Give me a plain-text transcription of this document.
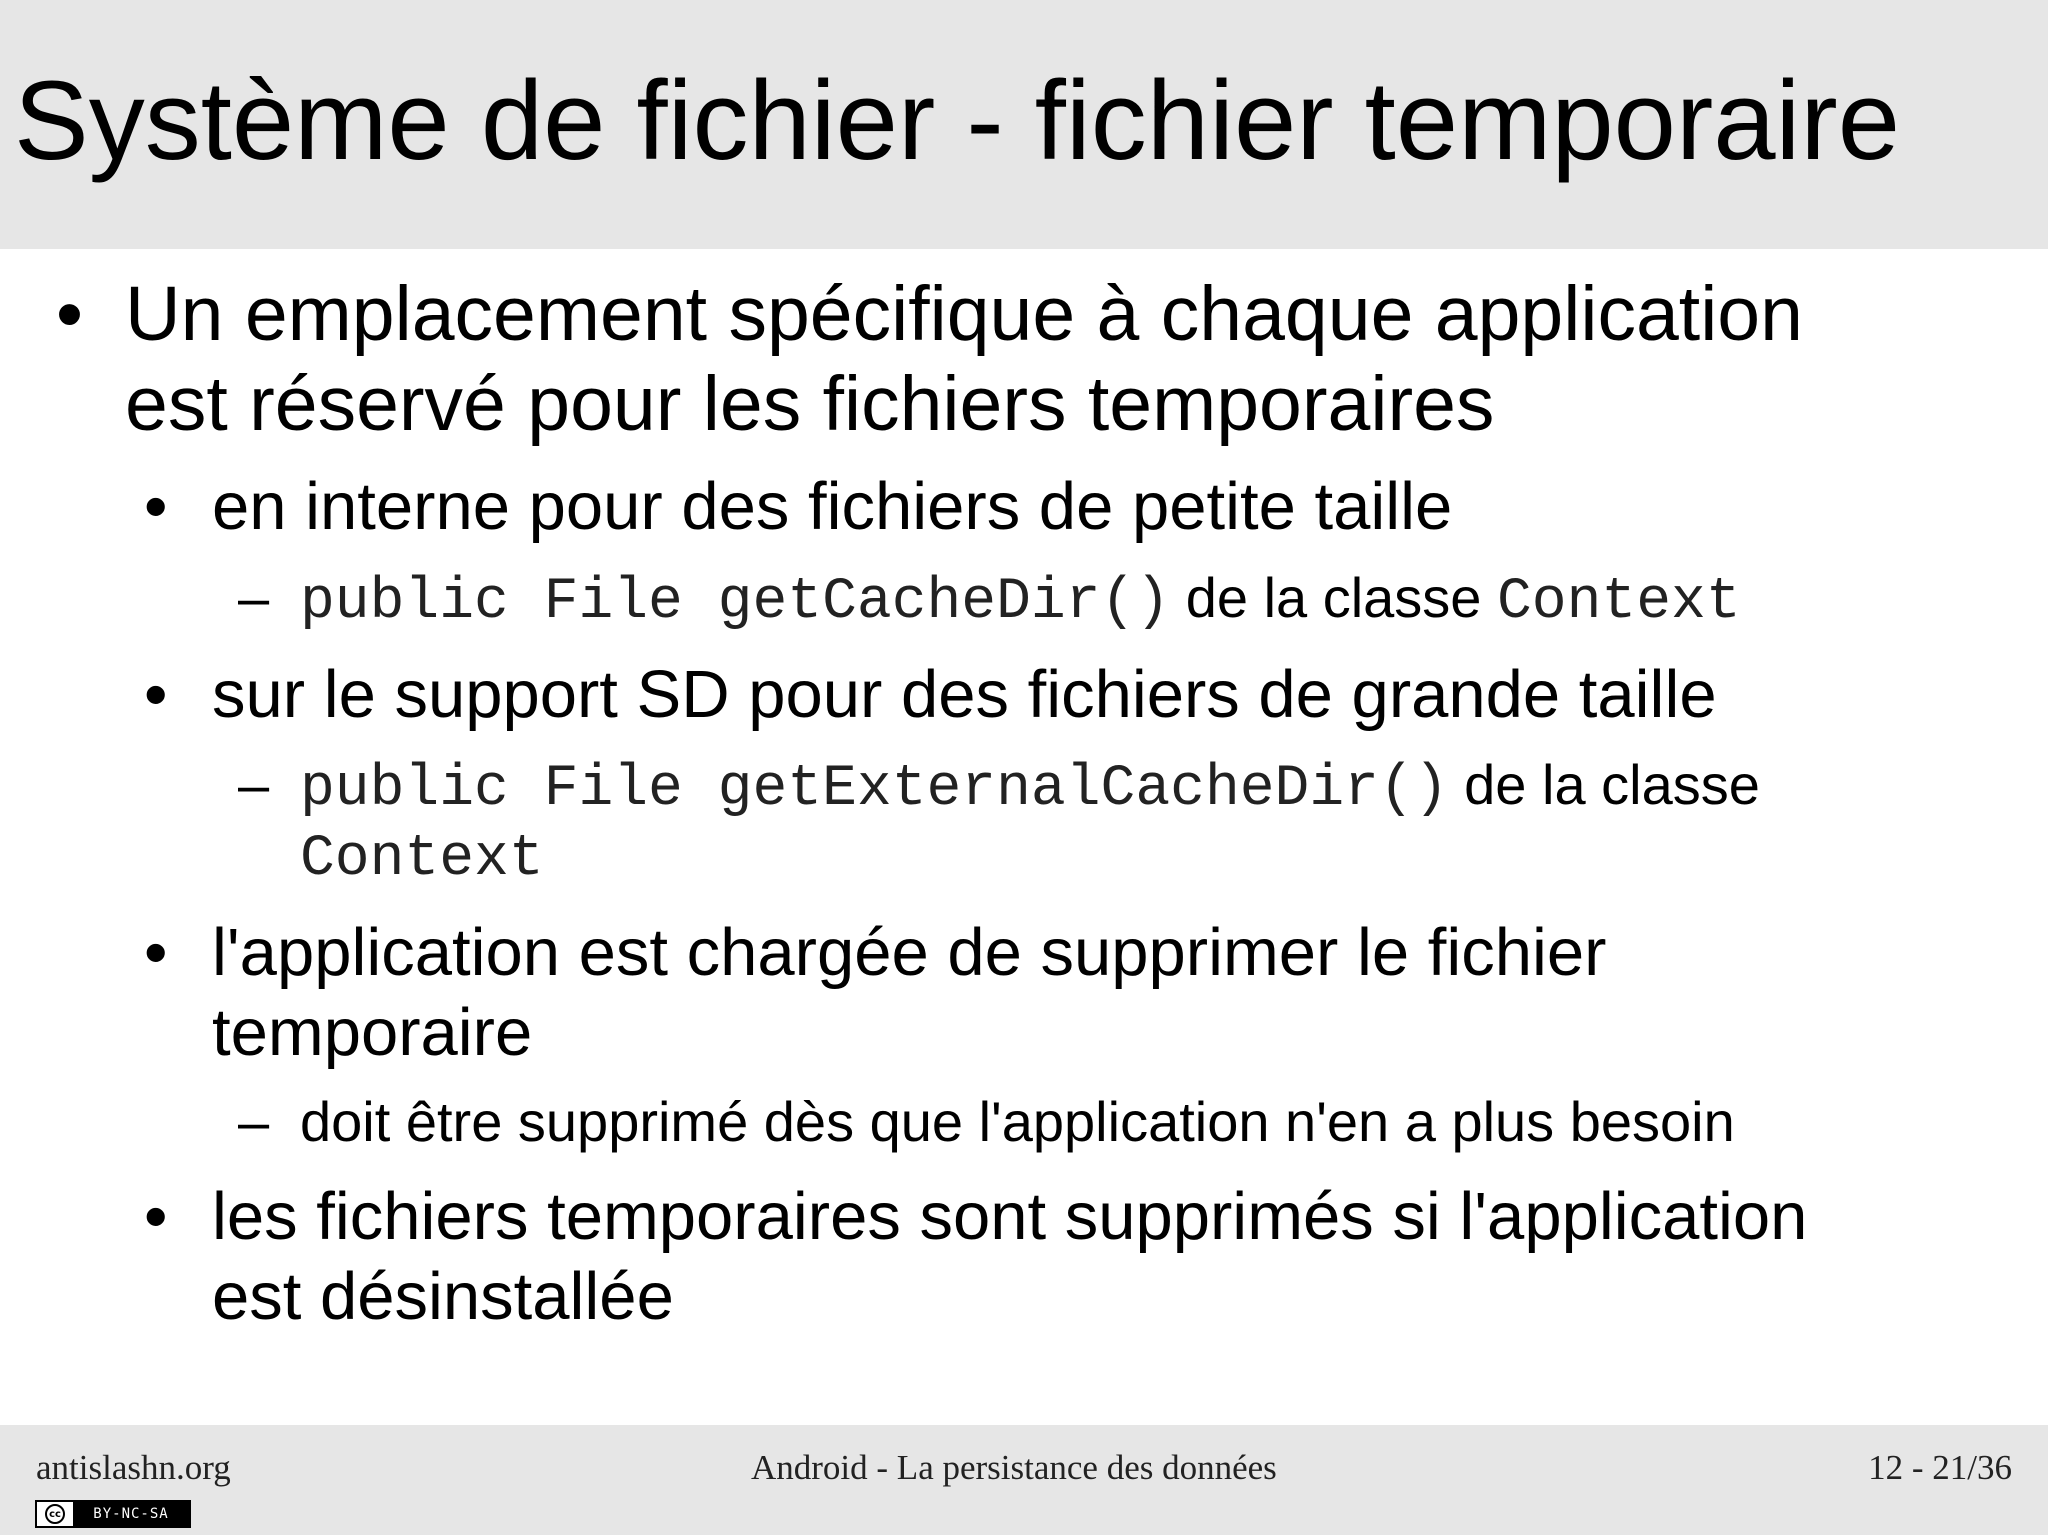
Système de fichier - fichier temporaire
• Un emplacement spécifique à chaque application
est réservé pour les fichiers temporaires
• en interne pour des fichiers de petite taille
– public File getCacheDir() de la classe Context
• sur le support SD pour des fichiers de grande taille
– public File getExternalCacheDir() de la classe
Context
• l'application est chargée de supprimer le fichier
temporaire
– doit être supprimé dès que l'application n'en a plus besoin
• les fichiers temporaires sont supprimés si l'application
est désinstallée
antislashn.org	Android - La persistance des données	12 - 21/36
cc	BY-NC-SA
